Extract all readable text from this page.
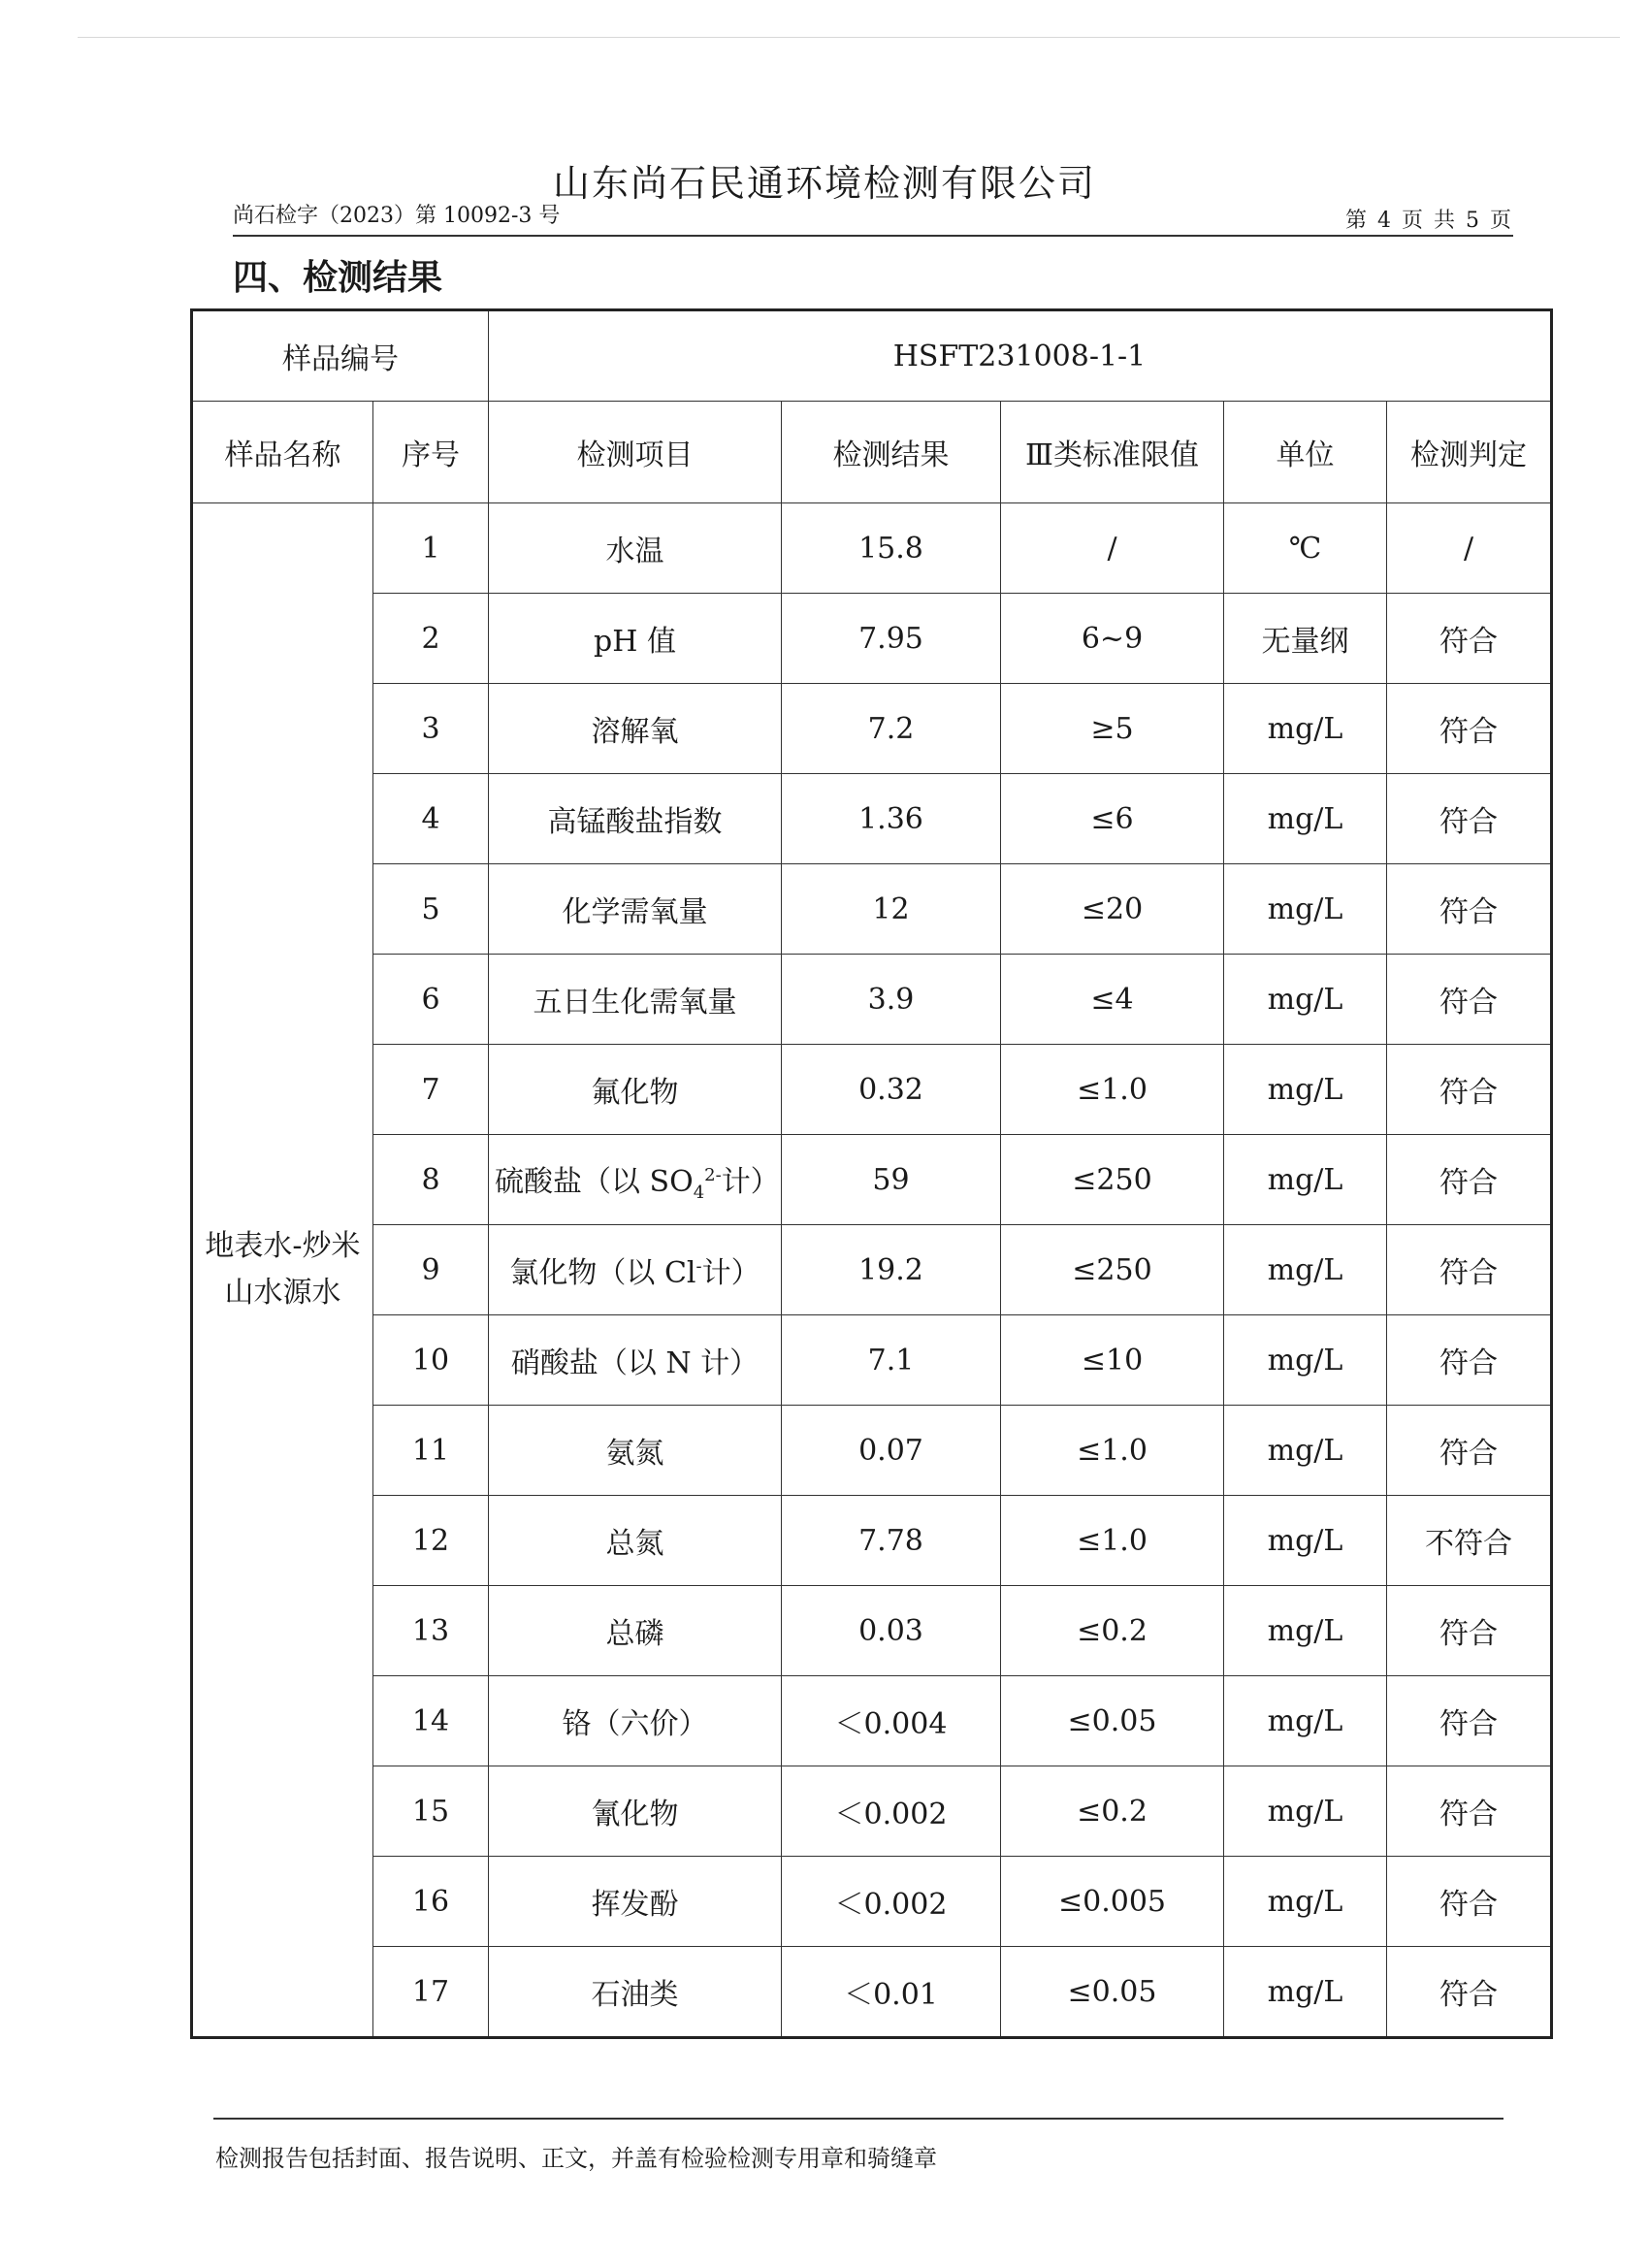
山东尚石民通环境检测有限公司
尚石检字（2023）第 10092-3 号	第 4 页 共 5 页
四、检测结果
样品编号		HSFT231008-1-1				
样品名称	序号	检测项目	检测结果	Ⅲ类标准限值	单位	检测判定
地表水-炒米山水源水	1	水温	15.8	/	℃	/
	2	pH 值	7.95	6~9	无量纲	符合
	3	溶解氧	7.2	≥5	mg/L	符合
	4	高锰酸盐指数	1.36	≤6	mg/L	符合
	5	化学需氧量	12	≤20	mg/L	符合
	6	五日生化需氧量	3.9	≤4	mg/L	符合
	7	氟化物	0.32	≤1.0	mg/L	符合
	8	硫酸盐（以 $SO_4^{2-}$计）	59	≤250	mg/L	符合
	9	氯化物（以 Cl-计）	19.2	≤250	mg/L	符合
	10	硝酸盐（以 N 计）	7.1	≤10	mg/L	符合
	11	氨氮	0.07	≤1.0	mg/L	符合
	12	总氮	7.78	≤1.0	mg/L	不符合
	13	总磷	0.03	≤0.2	mg/L	符合
	14	铬（六价）	＜0.004	≤0.05	mg/L	符合
	15	氰化物	＜0.002	≤0.2	mg/L	符合
	16	挥发酚	＜0.002	≤0.005	mg/L	符合
	17	石油类	＜0.01	≤0.05	mg/L	符合
检测报告包括封面、报告说明、正文，并盖有检验检测专用章和骑缝章
